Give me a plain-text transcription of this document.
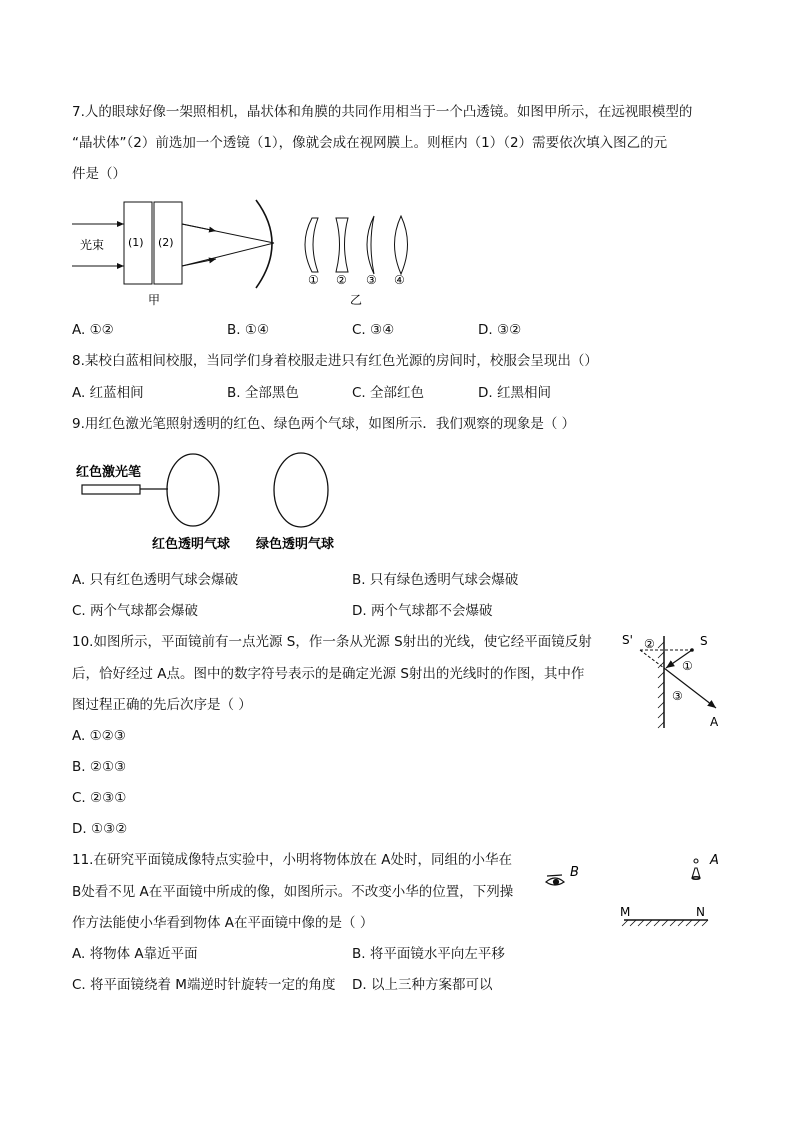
7.人的眼球好像一架照相机，晶状体和角膜的共同作用相当于一个凸透镜。如图甲所示，在远视眼模型的
“晶状体”（2）前选加一个透镜（1），像就会成在视网膜上。则框内（1）（2）需要依次填入图乙的元
件是（）
光束 (1) (2)
甲
① ② ③ ④
乙
A. ①②	B. ①④	C. ③④	D. ③②
8.某校白蓝相间校服，当同学们身着校服走进只有红色光源的房间时，校服会呈现出（）
A. 红蓝相间	B. 全部黑色	C. 全部红色	D. 红黑相间
9.用红色激光笔照射透明的红色、绿色两个气球，如图所示．我们观察的现象是（ ）
红色激光笔
红色透明气球 绿色透明气球
A. 只有红色透明气球会爆破	B. 只有绿色透明气球会爆破
C. 两个气球都会爆破	D. 两个气球都不会爆破
10.如图所示，平面镜前有一点光源 S，作一条从光源 S射出的光线，使它经平面镜反射
后，恰好经过 A点。图中的数字符号表示的是确定光源 S射出的光线时的作图，其中作
图过程正确的先后次序是（ ）
S'	S
A
②
①
③
A. ①②③
B. ②①③
C. ②③①
D. ①③②
11.在研究平面镜成像特点实验中，小明将物体放在 A处时，同组的小华在
B处看不见 A在平面镜中所成的像，如图所示。不改变小华的位置，下列操
作方法能使小华看到物体 A在平面镜中像的是（ ）
B
A
M	N
A. 将物体 A靠近平面	B. 将平面镜水平向左平移
C. 将平面镜绕着 M端逆时针旋转一定的角度 D. 以上三种方案都可以
